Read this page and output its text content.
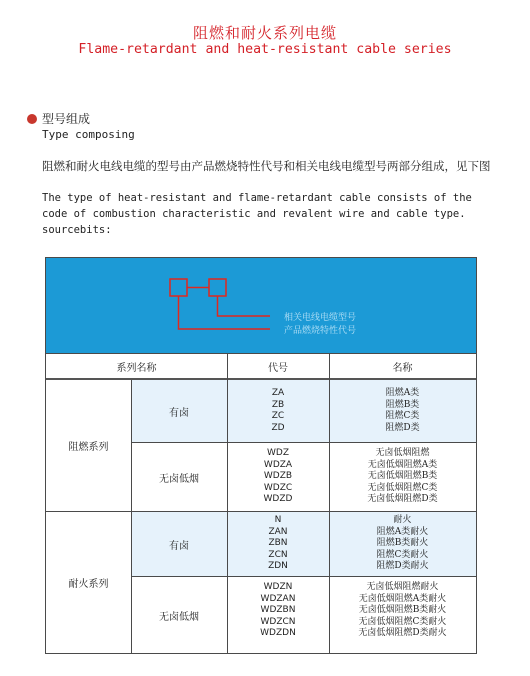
阻燃和耐火系列电缆
Flame-retardant and heat-resistant cable series
型号组成
Type composing
阻燃和耐火电线电缆的型号由产品燃烧特性代号和相关电线电缆型号两部分组成，见下图
The type of heat-resistant and flame-retardant cable consists of the
code of combustion characteristic and revalent wire and cable type.
sourcebits:
相关电线电缆型号
产品燃烧特性代号
系列名称	代号	名称
阻燃系列
有卤
ZA
ZB
ZC
ZD
阻燃A类
阻燃B类
阻燃C类
阻燃D类
无卤低烟
WDZ
WDZA
WDZB
WDZC
WDZD
无卤低烟阻燃
无卤低烟阻燃A类
无卤低烟阻燃B类
无卤低烟阻燃C类
无卤低烟阻燃D类
耐火系列
有卤
N
ZAN
ZBN
ZCN
ZDN
耐火
阻燃A类耐火
阻燃B类耐火
阻燃C类耐火
阻燃D类耐火
无卤低烟
WDZN
WDZAN
WDZBN
WDZCN
WDZDN
无卤低烟阻燃耐火
无卤低烟阻燃A类耐火
无卤低烟阻燃B类耐火
无卤低烟阻燃C类耐火
无卤低烟阻燃D类耐火
